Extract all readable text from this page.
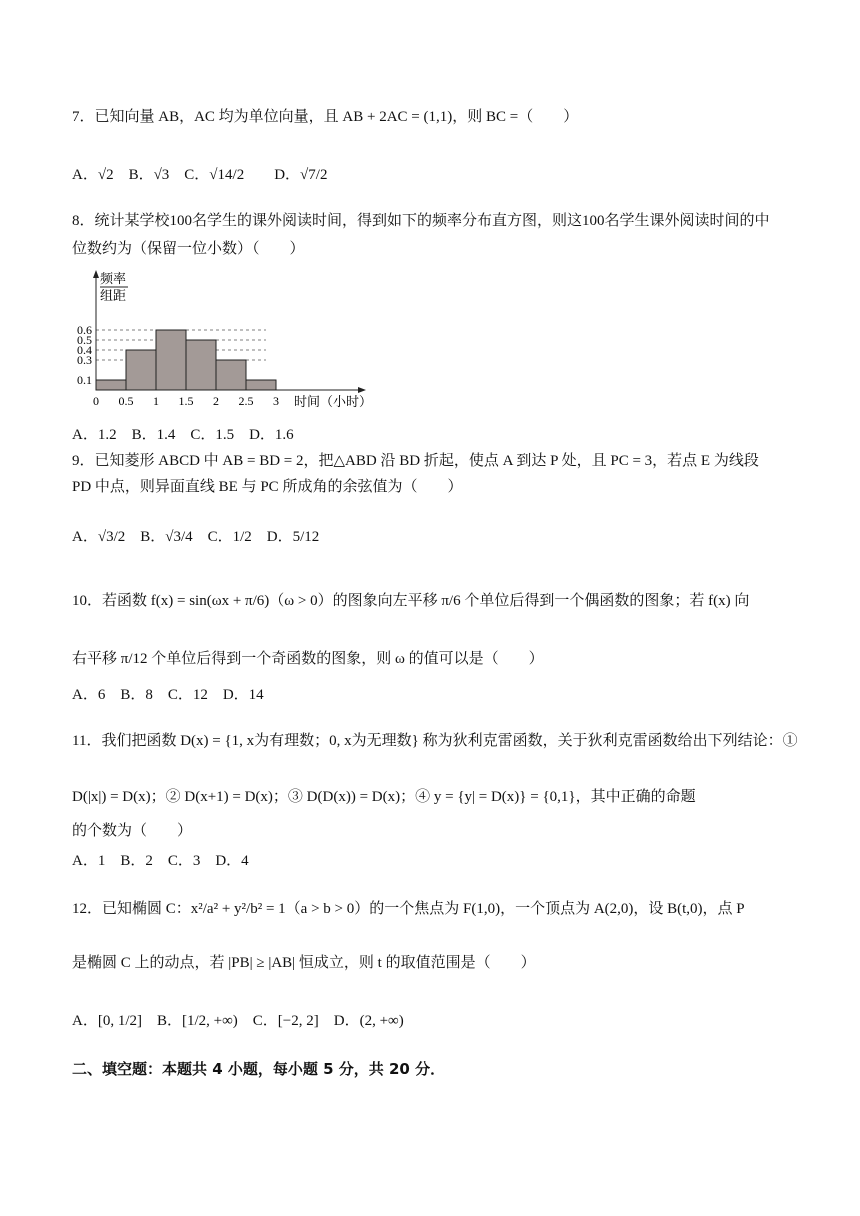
7．已知向量 AB，AC 均为单位向量，且 AB + 2AC = (1,1)，则 BC =（　　）
A．√2　B．√3　C．√14/2　　D．√7/2
8．统计某学校100名学生的课外阅读时间，得到如下的频率分布直方图，则这100名学生课外阅读时间的中
位数约为（保留一位小数）（　　）
频率
组距
0.1
0.3
0.4
0.5
0.6
0 0.5 1 1.5 2 2.5 3 时间（小时）
A．1.2　B．1.4　C．1.5　D．1.6
9．已知菱形 ABCD 中 AB = BD = 2，把△ABD 沿 BD 折起，使点 A 到达 P 处，且 PC = 3，若点 E 为线段
PD 中点，则异面直线 BE 与 PC 所成角的余弦值为（　　）
A．√3/2　B．√3/4　C．1/2　D．5/12
10．若函数 f(x) = sin(ωx + π/6)（ω > 0）的图象向左平移 π/6 个单位后得到一个偶函数的图象；若 f(x) 向
右平移 π/12 个单位后得到一个奇函数的图象，则 ω 的值可以是（　　）
A．6　B．8　C．12　D．14
11．我们把函数 D(x) = {1, x为有理数；0, x为无理数} 称为狄利克雷函数，关于狄利克雷函数给出下列结论：①
D(|x|) = D(x)；② D(x+1) = D(x)；③ D(D(x)) = D(x)；④ y = {y| = D(x)} = {0,1}，其中正确的命题
的个数为（　　）
A．1　B．2　C．3　D．4
12．已知椭圆 C：x²/a² + y²/b² = 1（a > b > 0）的一个焦点为 F(1,0)，一个顶点为 A(2,0)，设 B(t,0)，点 P
是椭圆 C 上的动点，若 |PB| ≥ |AB| 恒成立，则 t 的取值范围是（　　）
A．[0, 1/2]　B．[1/2, +∞)　C．[−2, 2]　D．(2, +∞)
二、填空题：本题共 4 小题，每小题 5 分，共 20 分．
